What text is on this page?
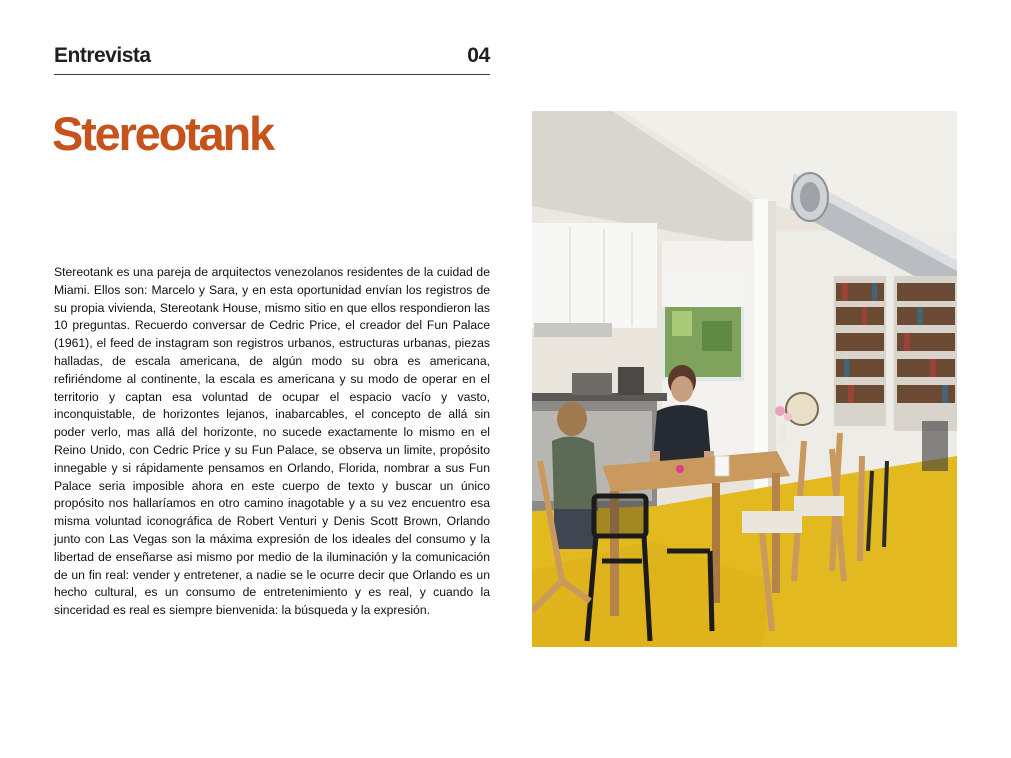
Entrevista	04
Stereotank

Stereotank es una pareja de arquitectos venezolanos residentes de la cuidad de Miami. Ellos son: Marcelo y Sara, y en esta oportunidad envían los registros de su propia vivienda, Stereotank House, mismo sitio en que ellos respondieron las 10 preguntas. Recuerdo conversar de Cedric Price, el creador del Fun Palace (1961), el feed de instagram son registros urbanos, estructuras urbanas, piezas halladas, de escala americana, de algún modo su obra es americana, refiriéndome al continente, la escala es americana y su modo de operar en el territorio y captan esa voluntad de ocupar el espacio vacío y vasto, inconquistable, de horizontes lejanos, inabarcables, el concepto de allá sin poder verlo, mas allá del horizonte, no sucede exactamente lo mismo en el Reino Unido, con Cedric Price y su Fun Palace, se observa un limite, propósito innegable y si rápidamente pensamos en Orlando, Florida, nombrar a sus Fun Palace seria imposible ahora en este cuerpo de texto y buscar un único propósito nos hallaríamos en otro camino inagotable y a su vez encuentro esa misma voluntad iconográfica de Robert Venturi y Denis Scott Brown, Orlando junto con Las Vegas son la máxima expresión de los ideales del consumo y la libertad de enseñarse asi mismo por medio de la iluminación y la comunicación de un fin real: vender y entretener, a nadie se le ocurre decir que Orlando es un hecho cultural, es un consumo de entretenimiento y es real, y cuando la sinceridad es real es siempre bienvenida: la búsqueda y la expresión.
